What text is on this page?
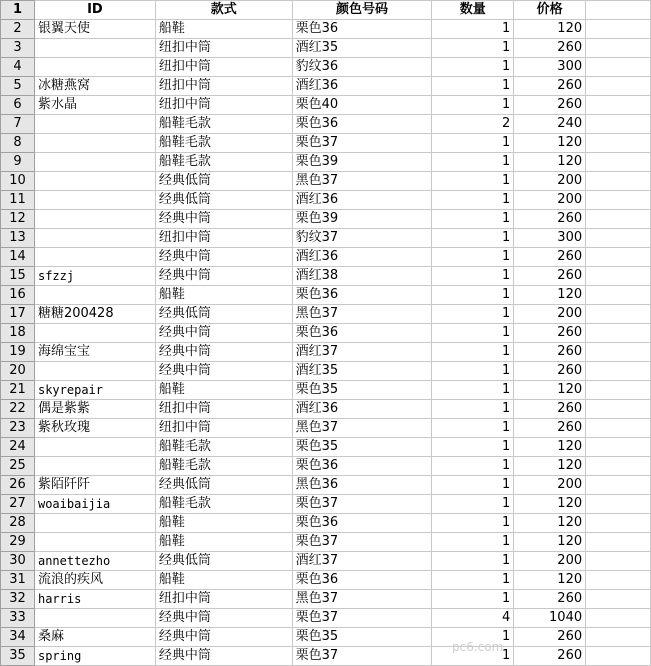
1	ID	款式	颜色号码	数量	价格	
2	银翼天使	船鞋	栗色36	1	120	
3		纽扣中筒	酒红35	1	260	
4		纽扣中筒	豹纹36	1	300	
5	冰糖燕窝	纽扣中筒	酒红36	1	260	
6	紫水晶	纽扣中筒	栗色40	1	260	
7		船鞋毛款	栗色36	2	240	
8		船鞋毛款	栗色37	1	120	
9		船鞋毛款	栗色39	1	120	
10		经典低筒	黑色37	1	200	
11		经典低筒	酒红36	1	200	
12		经典中筒	栗色39	1	260	
13		纽扣中筒	豹纹37	1	300	
14		经典中筒	酒红36	1	260	
15	sfzzj	经典中筒	酒红38	1	260	
16		船鞋	栗色36	1	120	
17	糖糖200428	经典低筒	黑色37	1	200	
18		经典中筒	栗色36	1	260	
19	海绵宝宝	经典中筒	酒红37	1	260	
20		经典中筒	酒红35	1	260	
21	skyrepair	船鞋	栗色35	1	120	
22	偶是紫紫	纽扣中筒	酒红36	1	260	
23	紫秋玫瑰	纽扣中筒	黑色37	1	260	
24		船鞋毛款	栗色35	1	120	
25		船鞋毛款	栗色36	1	120	
26	紫陌阡阡	经典低筒	黑色36	1	200	
27	woaibaijia	船鞋毛款	栗色37	1	120	
28		船鞋	栗色36	1	120	
29		船鞋	栗色37	1	120	
30	annettezho	经典低筒	酒红37	1	200	
31	流浪的疾风	船鞋	栗色36	1	120	
32	harris	纽扣中筒	黑色37	1	260	
33		经典中筒	栗色37	4	1040	
34	桑麻	经典中筒	栗色35	1	260	
35	spring	经典中筒	栗色37	1	260	
pc6.com
